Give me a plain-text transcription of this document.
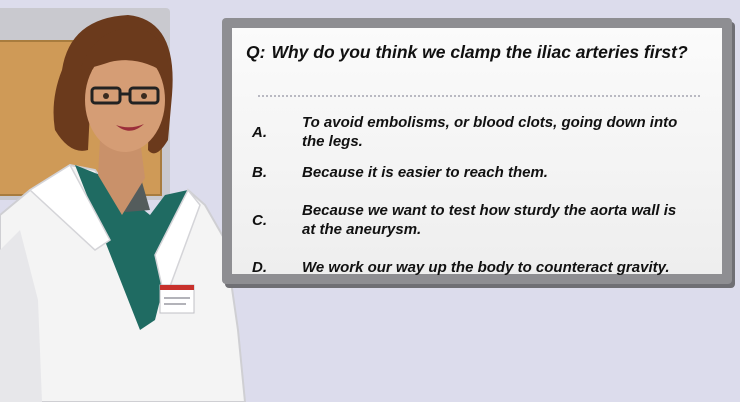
Q: Why do you think we clamp the iliac arteries first?
A.
To avoid embolisms, or blood clots, going down into the legs.
B.	Because it is easier to reach them.
C.
Because we want to test how sturdy the aorta wall is at the aneurysm.
D.	We work our way up the body to counteract gravity.
